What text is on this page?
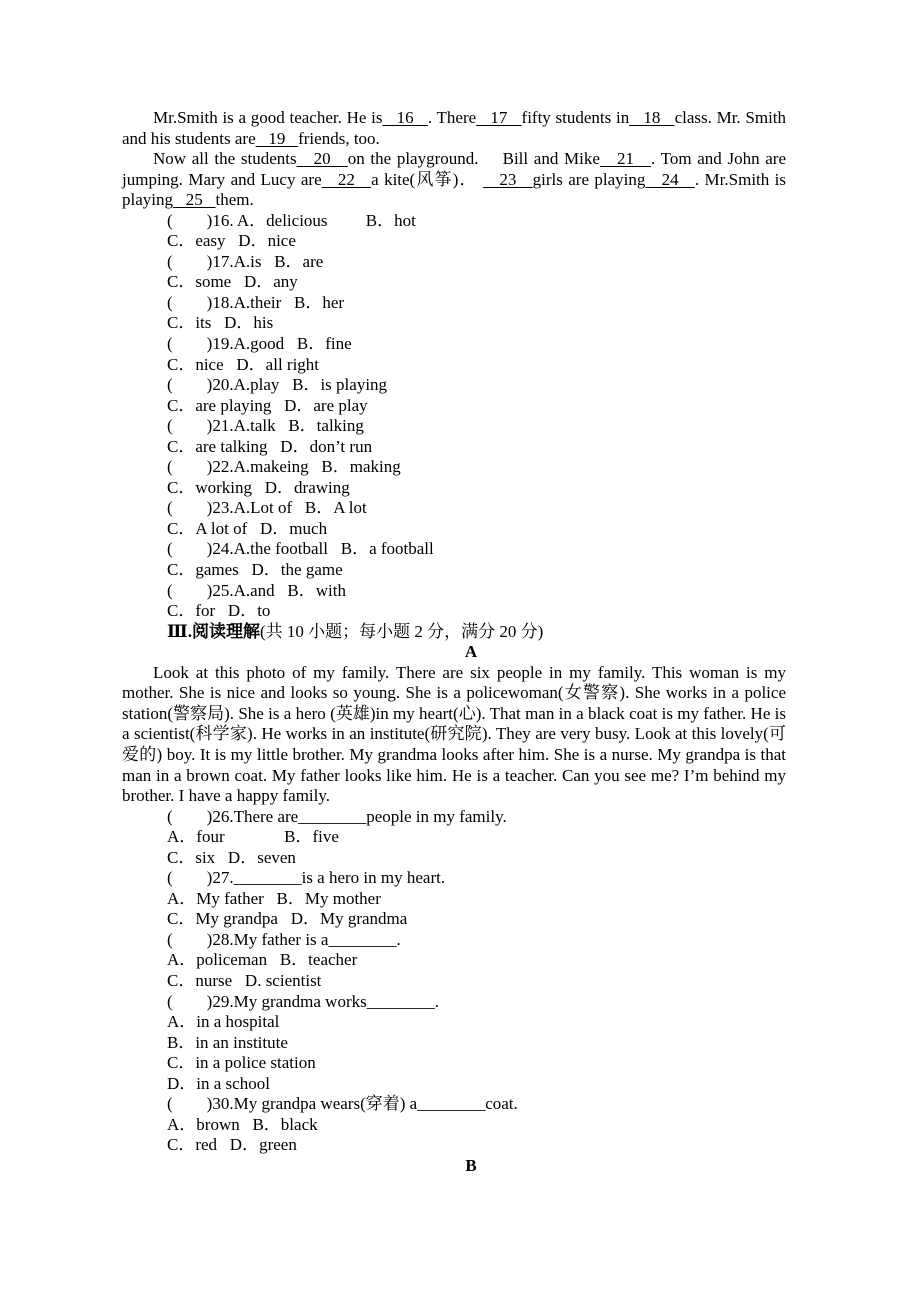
Mr.Smith is a good teacher. He is   16   . There   17   fifty students in   18   class. Mr. Smith and his students are   19   friends, too.

Now all the students   20   on the playground. 　Bill and Mike   21   . Tom and John are jumping. Mary and Lucy are   22   a kite(风筝)．    23   girls are playing   24   . Mr.Smith is playing   25   them.

(        )16. A．delicious         B．hot
C．easy   D．nice
(        )17.A.is   B．are
C．some   D．any
(        )18.A.their   B．her
C．its   D．his
(        )19.A.good   B．fine
C．nice   D．all right
(        )20.A.play   B．is playing
C．are playing   D．are play
(        )21.A.talk   B．talking
C．are talking   D．don’t run
(        )22.A.makeing   B．making
C．working   D．drawing
(        )23.A.Lot of   B．A lot
C．A lot of   D．much
(        )24.A.the football   B．a football
C．games   D．the game
(        )25.A.and   B．with
C．for   D．to
Ⅲ.阅读理解(共 10 小题；每小题 2 分，满分 20 分)

A

Look at this photo of my family. There are six people in my family. This woman is my mother. She is nice and looks so young. She is a policewoman(女警察). She works in a police station(警察局). She is a hero (英雄)in my heart(心). That man in a black coat is my father. He is a scientist(科学家). He works in an institute(研究院). They are very busy. Look at this lovely(可爱的) boy. It is my little brother. My grandma looks after him. She is a nurse. My grandpa is that man in a brown coat. My father looks like him. He is a teacher. Can you see me? I’m behind my brother. I have a happy family.

(        )26.There are________people in my family.
A．four              B．five
C．six   D．seven
(        )27.________is a hero in my heart.
A．My father   B．My mother
C．My grandpa   D．My grandma
(        )28.My father is a________.
A．policeman   B．teacher
C．nurse   D. scientist
(        )29.My grandma works________.
A．in a hospital
B．in an institute
C．in a police station
D．in a school
(        )30.My grandpa wears(穿着) a________coat.
A．brown   B．black
C．red   D．green

B
